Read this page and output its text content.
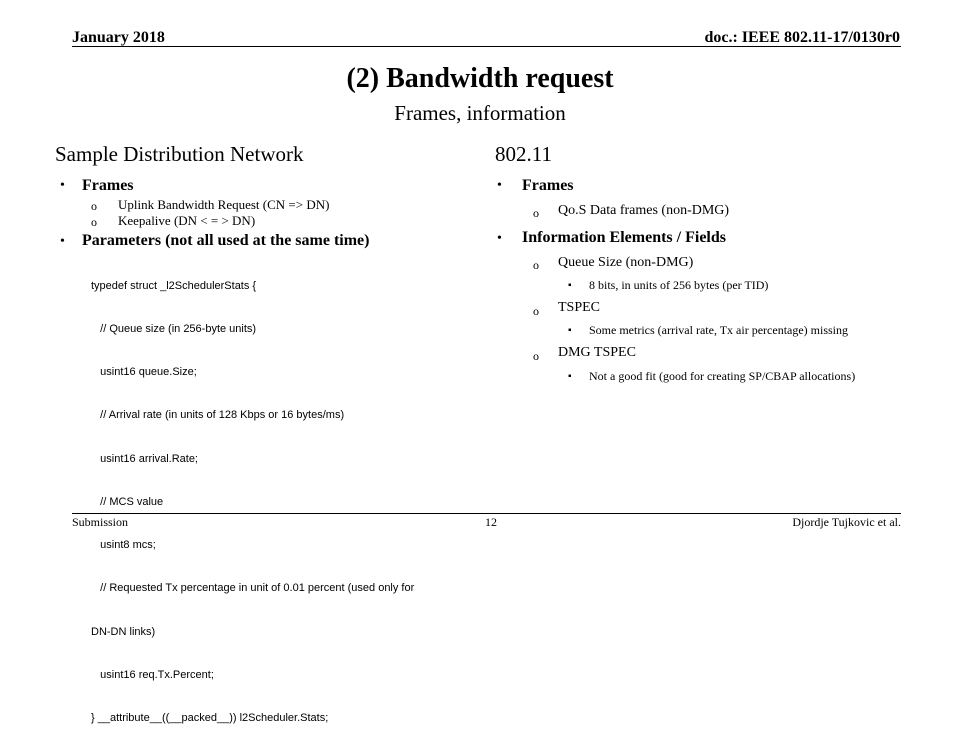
January 2018	doc.: IEEE 802.11-17/0130r0
(2) Bandwidth request
Frames, information
Sample Distribution Network
• Frames
o Uplink Bandwidth Request (CN => DN)
o Keepalive (DN < = > DN)
• Parameters (not all used at the same time)

typedef struct _l2SchedulerStats {

// Queue size (in 256-byte units)

usint16 queue.Size;

// Arrival rate (in units of 128 Kbps or 16 bytes/ms)

usint16 arrival.Rate;

// MCS value

usint8 mcs;

// Requested Tx percentage in unit of 0.01 percent (used only for

DN-DN links)

usint16 req.Tx.Percent;

} __attribute__((__packed__)) l2Scheduler.Stats;

802.11
• Frames
o Qo.S Data frames (non-DMG)
• Information Elements / Fields
o Queue Size (non-DMG)
▪ 8 bits, in units of 256 bytes (per TID)
o TSPEC
▪ Some metrics (arrival rate, Tx air percentage) missing
o DMG TSPEC
▪ Not a good fit (good for creating SP/CBAP allocations)
Submission	12	Djordje Tujkovic et al.
